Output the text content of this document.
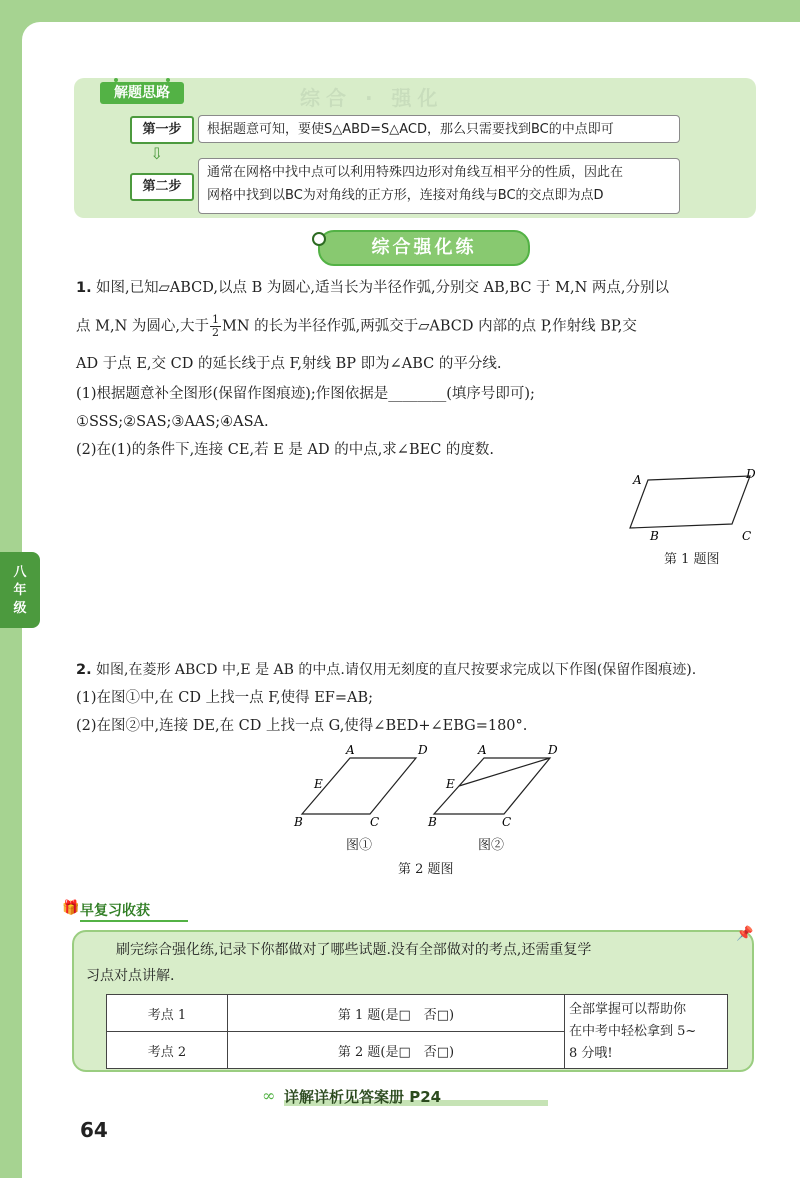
综合 · 强化
解题思路
第一步	根据题意可知，要使S△ABD=S△ACD，那么只需要找到BC的中点即可
⇩
第二步
通常在网格中找中点可以利用特殊四边形对角线互相平分的性质，因此在
网格中找到以BC为对角线的正方形，连接对角线与BC的交点即为点D
综合强化练
1. 如图,已知▱ABCD,以点 B 为圆心,适当长为半径作弧,分别交 AB,BC 于 M,N 两点,分别以
点 M,N 为圆心,大于 $\frac{1}{2}$ MN 的长为半径作弧,两弧交于▱ABCD 内部的点 P,作射线 BP,交
AD 于点 E,交 CD 的延长线于点 F,射线 BP 即为∠ABC 的平分线.
(1)根据题意补全图形(保留作图痕迹);作图依据是________(填序号即可);
①SSS;②SAS;③AAS;④ASA.
(2)在(1)的条件下,连接 CE,若 E 是 AD 的中点,求∠BEC 的度数.
A	D
B	C
第 1 题图
八
年
级
2. 如图,在菱形 ABCD 中,E 是 AB 的中点.请仅用无刻度的直尺按要求完成以下作图(保留作图痕迹).
(1)在图①中,在 CD 上找一点 F,使得 EF=AB;
(2)在图②中,连接 DE,在 CD 上找一点 G,使得∠BED+∠EBG=180°.
A	D
E
B	C
A	D
E
B	C
图①	图②
第 2 题图
🎁 早复习收获
📌
刷完综合强化练,记录下你都做对了哪些试题.没有全部做对的考点,还需重复学
习点对点讲解.
考点 1	第 1 题(是□　否□)	全部掌握可以帮助你
在中考中轻松拿到 5~
8 分哦!

考点 2	第 2 题(是□　否□)	
∞ 详解详析见答案册 P24
64
